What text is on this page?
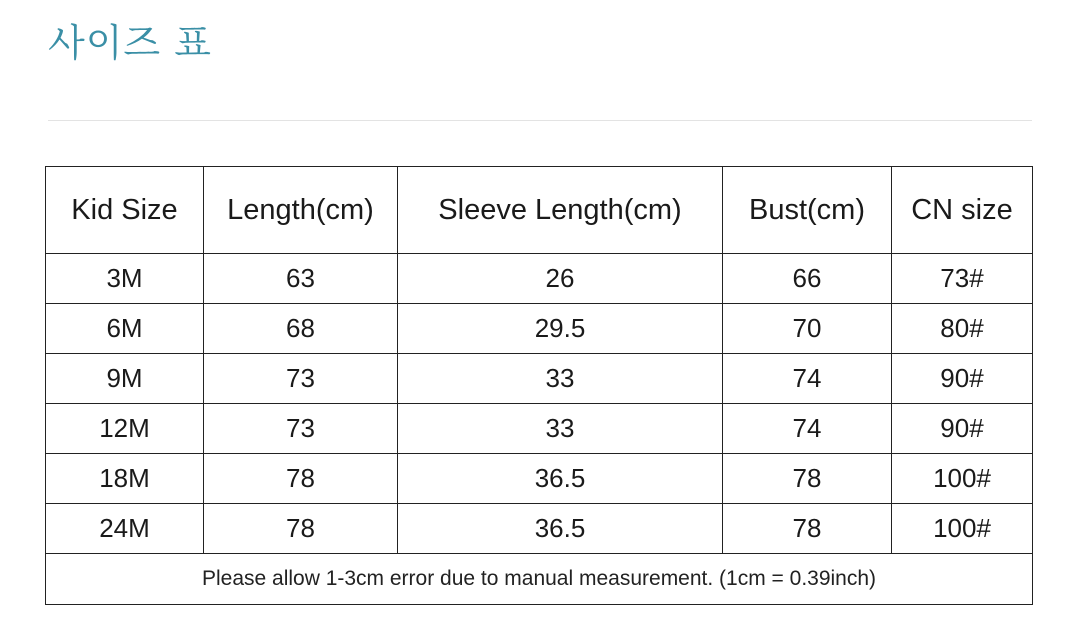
사이즈 표
Kid Size	Length(cm)	Sleeve Length(cm)	Bust(cm)	CN size
3M	63	26	66	73#
6M	68	29.5	70	80#
9M	73	33	74	90#
12M	73	33	74	90#
18M	78	36.5	78	100#
24M	78	36.5	78	100#
Please allow 1-3cm error due to manual measurement. (1cm = 0.39inch)				
